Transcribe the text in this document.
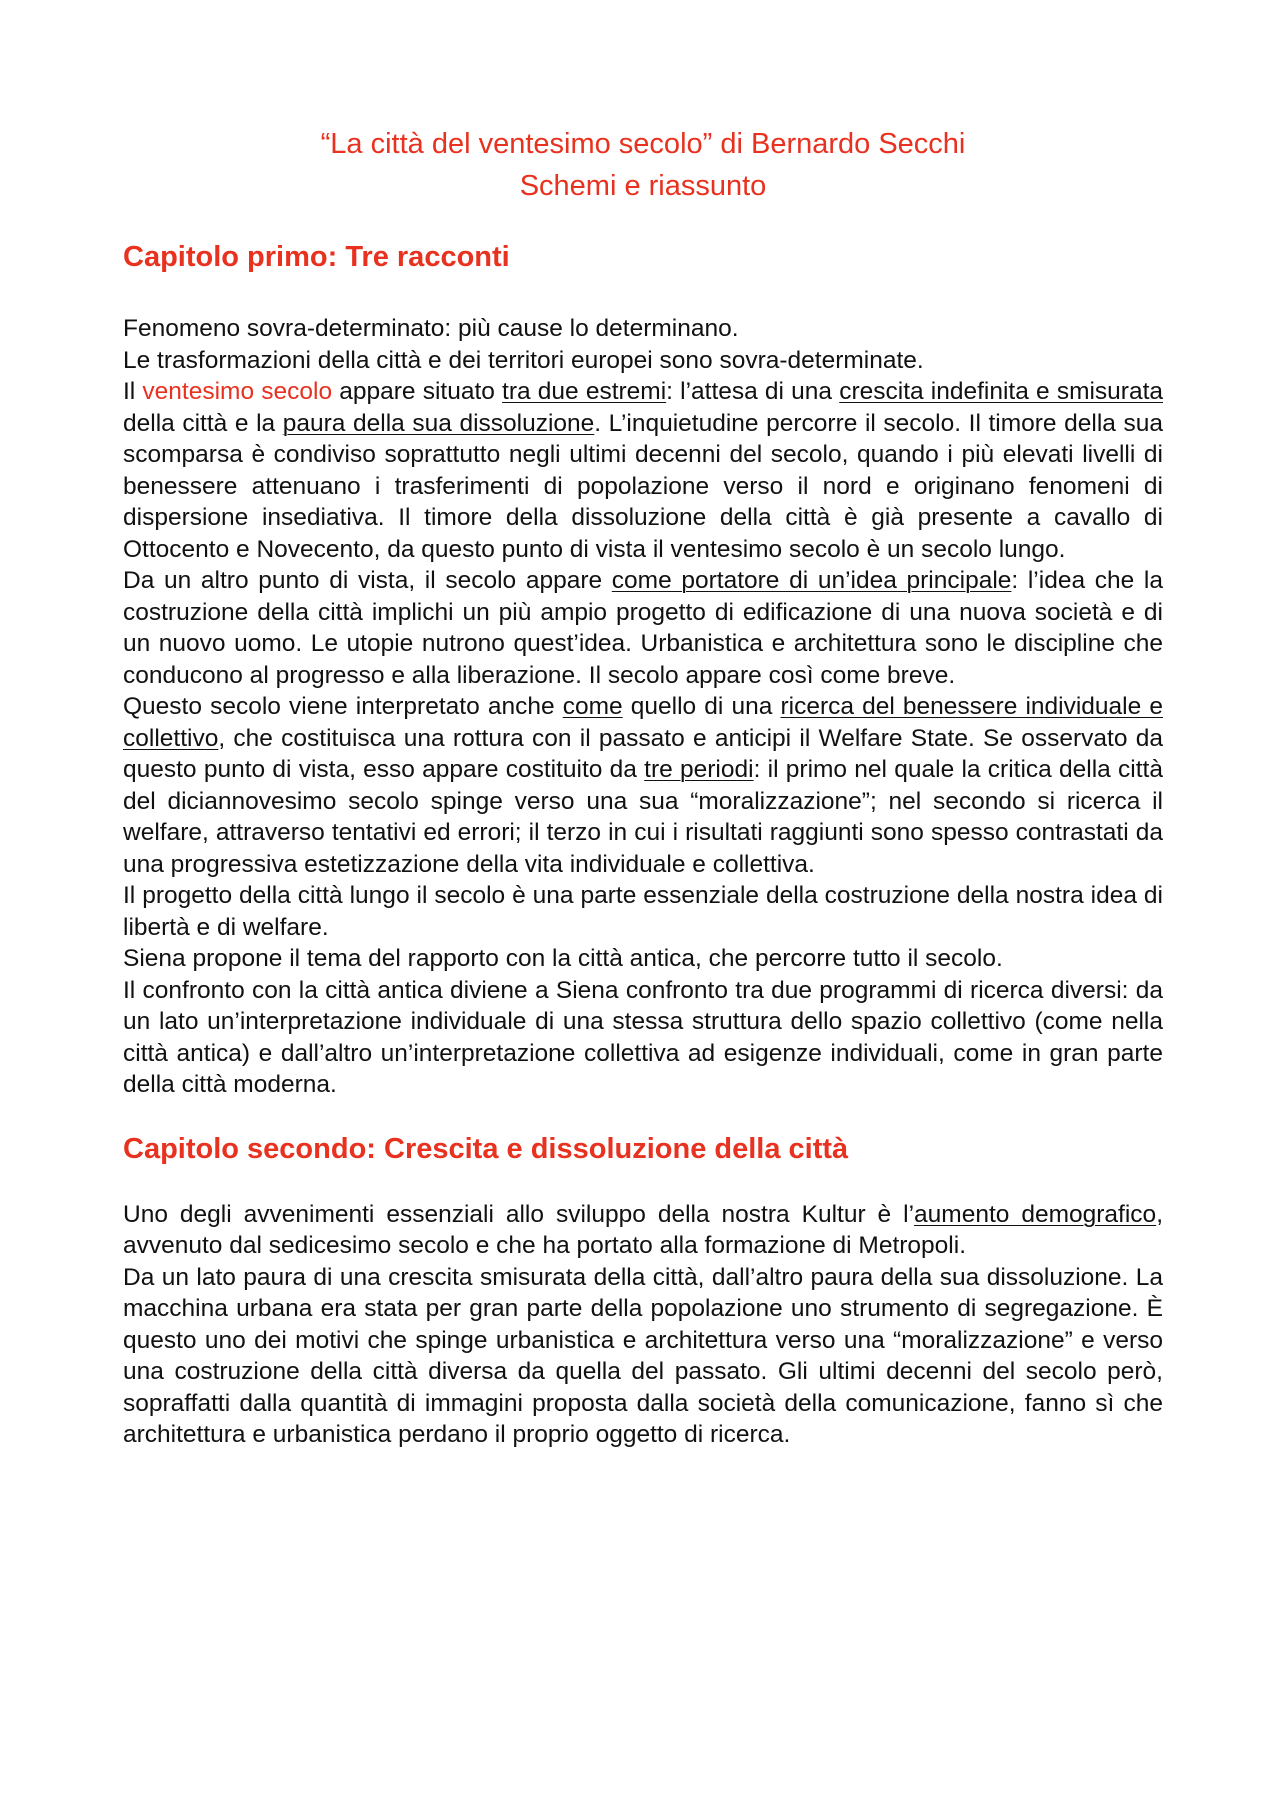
“La città del ventesimo secolo” di Bernardo Secchi

Schemi e riassunto

Capitolo primo: Tre racconti

Fenomeno sovra-determinato: più cause lo determinano.

Le trasformazioni della città e dei territori europei sono sovra-determinate.

Il ventesimo secolo appare situato tra due estremi: l’attesa di una crescita indefinita e smisurata della città e la paura della sua dissoluzione. L’inquietudine percorre il secolo. Il timore della sua scomparsa è condiviso soprattutto negli ultimi decenni del secolo, quando i più elevati livelli di benessere attenuano i trasferimenti di popolazione verso il nord e originano fenomeni di dispersione insediativa. Il timore della dissoluzione della città è già presente a cavallo di Ottocento e Novecento, da questo punto di vista il ventesimo secolo è un secolo lungo.

Da un altro punto di vista, il secolo appare come portatore di un’idea principale: l’idea che la costruzione della città implichi un più ampio progetto di edificazione di una nuova società e di un nuovo uomo. Le utopie nutrono quest’idea. Urbanistica e architettura sono le discipline che conducono al progresso e alla liberazione. Il secolo appare così come breve.

Questo secolo viene interpretato anche come quello di una ricerca del benessere individuale e collettivo, che costituisca una rottura con il passato e anticipi il Welfare State. Se osservato da questo punto di vista, esso appare costituito da tre periodi: il primo nel quale la critica della città del diciannovesimo secolo spinge verso una sua “moralizzazione”; nel secondo si ricerca il welfare, attraverso tentativi ed errori; il terzo in cui i risultati raggiunti sono spesso contrastati da una progressiva estetizzazione della vita individuale e collettiva.

Il progetto della città lungo il secolo è una parte essenziale della costruzione della nostra idea di libertà e di welfare.

Siena propone il tema del rapporto con la città antica, che percorre tutto il secolo.

Il confronto con la città antica diviene a Siena confronto tra due programmi di ricerca diversi: da un lato un’interpretazione individuale di una stessa struttura dello spazio collettivo (come nella città antica) e dall’altro un’interpretazione collettiva ad esigenze individuali, come in gran parte della città moderna.

Capitolo secondo: Crescita e dissoluzione della città

Uno degli avvenimenti essenziali allo sviluppo della nostra Kultur è l’aumento demografico, avvenuto dal sedicesimo secolo e che ha portato alla formazione di Metropoli.

Da un lato paura di una crescita smisurata della città, dall’altro paura della sua dissoluzione. La macchina urbana era stata per gran parte della popolazione uno strumento di segregazione. È questo uno dei motivi che spinge urbanistica e architettura verso una “moralizzazione” e verso una costruzione della città diversa da quella del passato. Gli ultimi decenni del secolo però, sopraffatti dalla quantità di immagini proposta dalla società della comunicazione, fanno sì che architettura e urbanistica perdano il proprio oggetto di ricerca.
